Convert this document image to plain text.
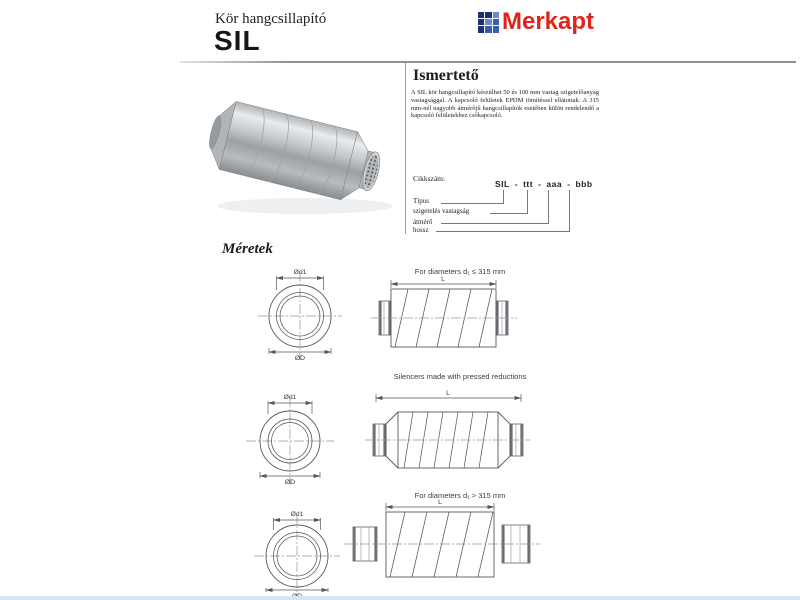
Kör hangcsillapító
SIL
Merkapt
Ismertető
A SIL kör hangcsillapító készülhet 50 és 100 mm vastag szigetelőanyag vastagsággal. A kapcsoló felületek EPDM tömítéssel ellátottak. A 315 mm-nél nagyobb átmérőjű hangcsillapítók esetében külön rendelendő a kapcsoló felületekhez csőkapcsoló.
Cikkszám:
SIL - ttt - aaa - bbb
Típus
szigetelés vastagság
átmérő
hossz
Méretek
For diameters d₁ ≤ 315 mm
Ød1
ØD
L
Silencers made with pressed reductions
Ød1
ØD
L
For diameters d₁ > 315 mm
Ød1
L
